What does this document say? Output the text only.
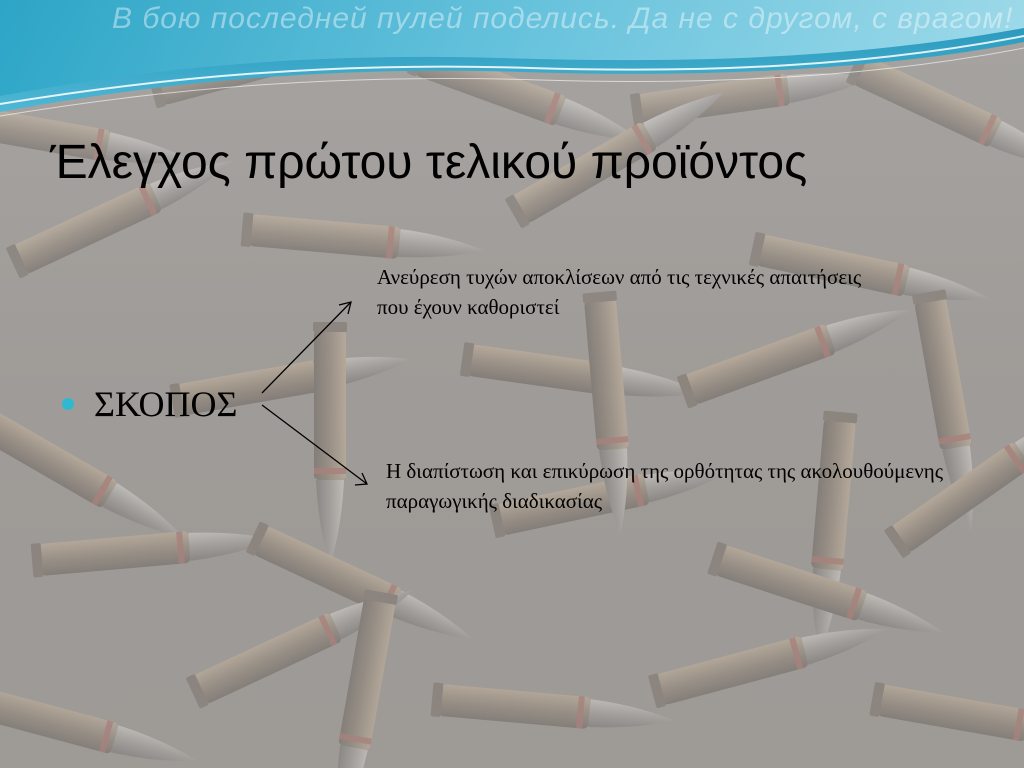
В бою последней пулей поделись. Да не с другом, с врагом!
Έλεγχος πρώτου τελικού προϊόντος
ΣΚΟΠΟΣ
Ανεύρεση τυχών αποκλίσεων από τις τεχνικές απαιτήσεις που έχουν καθοριστεί
Η διαπίστωση και επικύρωση της ορθότητας της ακολουθούμενης παραγωγικής διαδικασίας
